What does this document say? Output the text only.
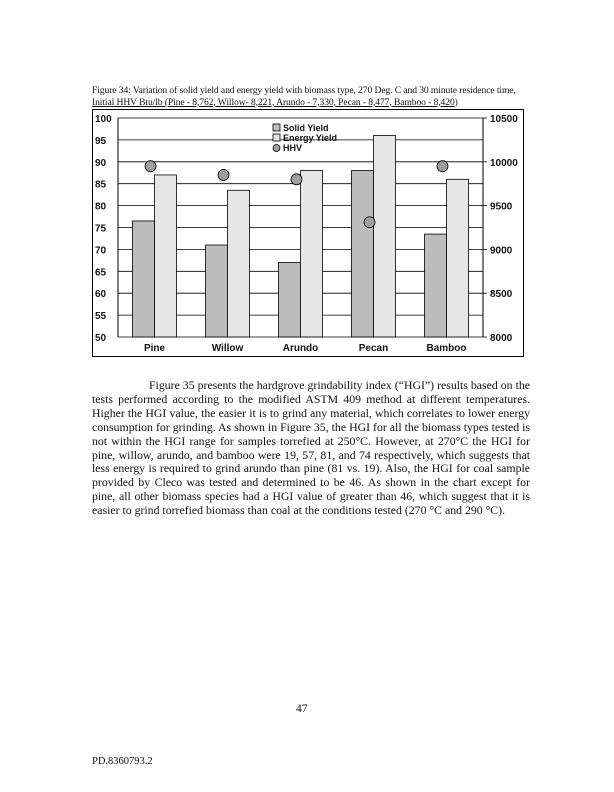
Figure 34: Variation of solid yield and energy yield with biomass type, 270 Deg. C and 30 minute residence time,
Initial HHV Btu/lb (Pine - 8,762, Willow- 8,221, Arundo - 7,330, Pecan - 8,477, Bamboo - 8,420)
50
55
60
65
70
75
80
85
90
95
100
8000
8500
9000
9500
10000
10500
Pine	Willow	Arundo	Pecan	Bamboo
Solid Yield
Energy Yield
HHV

Figure 35 presents the hardgrove grindability index (“HGI”) results based on the tests performed according to the modified ASTM 409 method at different temperatures. Higher the HGI value, the easier it is to grind any material, which correlates to lower energy consumption for grinding. As shown in Figure 35, the HGI for all the biomass types tested is not within the HGI range for samples torrefied at 250°C. However, at 270°C the HGI for pine, willow, arundo, and bamboo were 19, 57, 81, and 74 respectively, which suggests that less energy is required to grind arundo than pine (81 vs. 19). Also, the HGI for coal sample provided by Cleco was tested and determined to be 46. As shown in the chart except for pine, all other biomass species had a HGI value of greater than 46, which suggest that it is easier to grind torrefied biomass than coal at the conditions tested (270 °C and 290 °C).

47
PD.8360793.2
